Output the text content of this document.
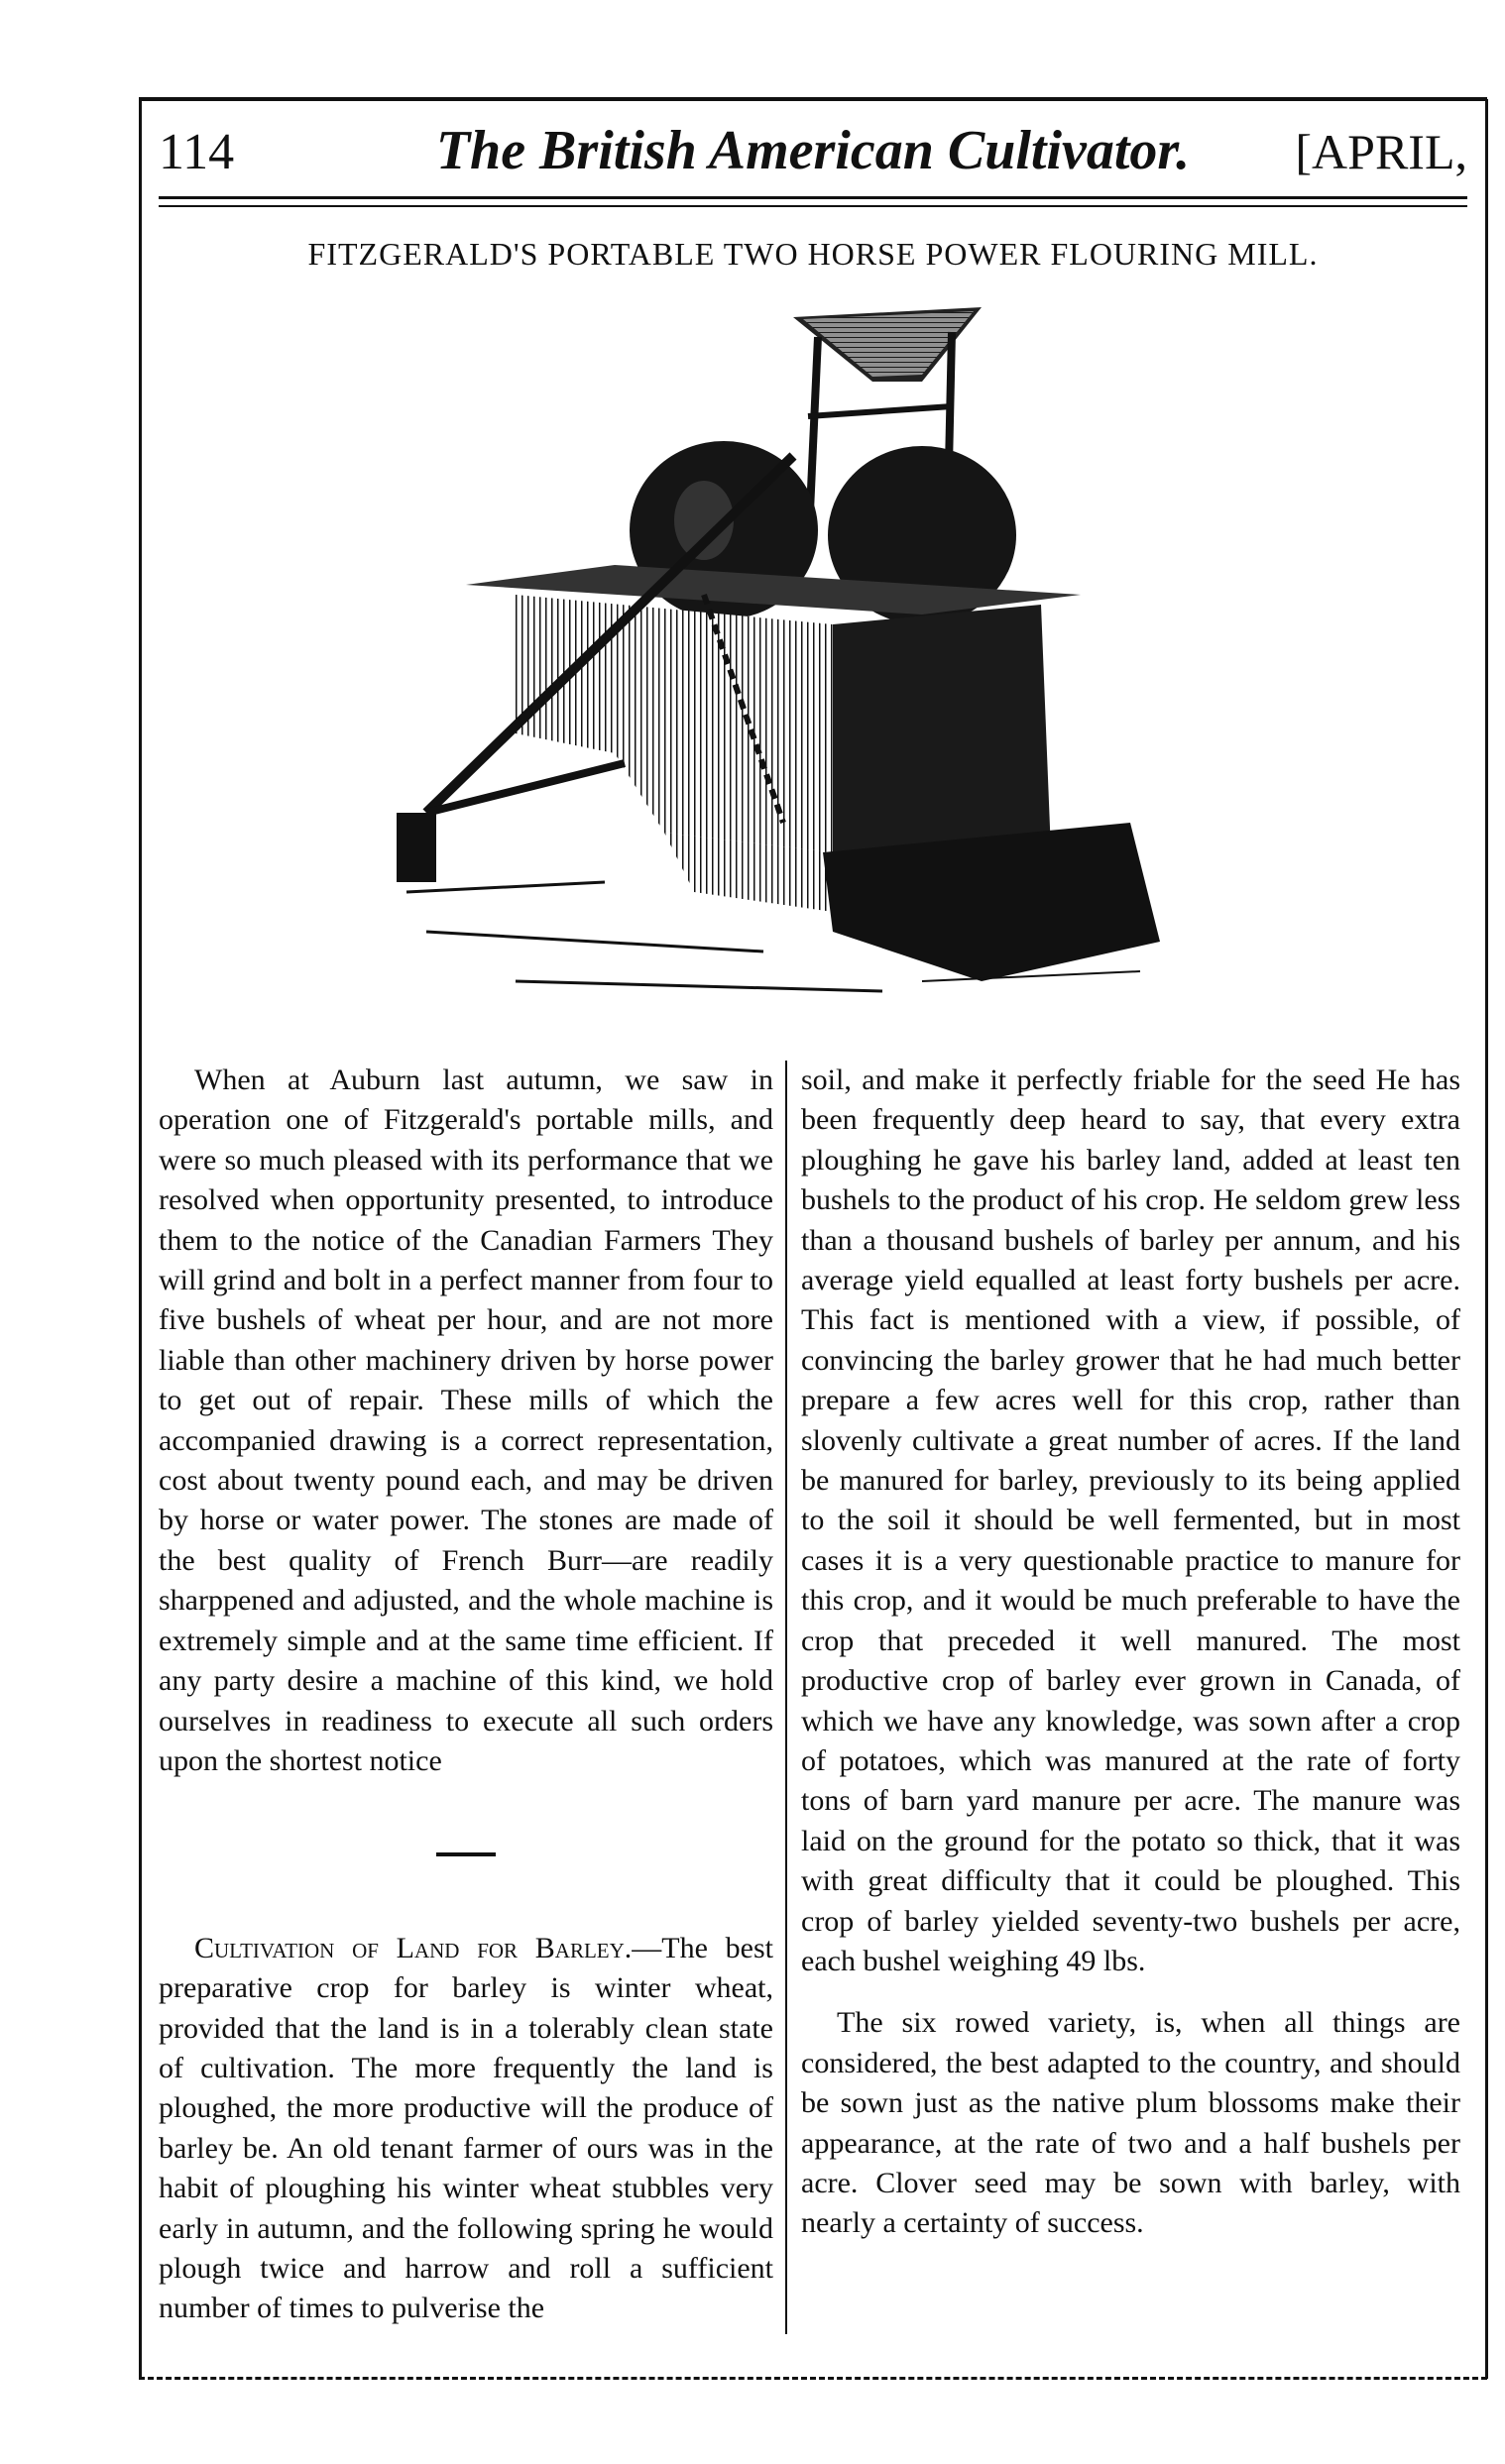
114	The British American Cultivator.	[APRIL,
FITZGERALD'S PORTABLE TWO HORSE POWER FLOURING MILL.

When at Auburn last autumn, we saw in operation one of Fitzgerald's portable mills, and were so much pleased with its performance that we resolved when opportunity presented, to introduce them to the notice of the Canadian Farmers They will grind and bolt in a perfect manner from four to five bushels of wheat per hour, and are not more liable than other machinery driven by horse power to get out of repair. These mills of which the accompanied drawing is a correct representation, cost about twenty pound each, and may be driven by horse or water power. The stones are made of the best quality of French Burr—are readily sharppened and adjusted, and the whole machine is extremely simple and at the same time efficient. If any party desire a machine of this kind, we hold ourselves in readiness to execute all such orders upon the shortest notice

Cultivation of Land for Barley.—The best preparative crop for barley is winter wheat, provided that the land is in a tolerably clean state of cultivation. The more frequently the land is ploughed, the more productive will the produce of barley be. An old tenant farmer of ours was in the habit of ploughing his winter wheat stubbles very early in autumn, and the following spring he would plough twice and harrow and roll a sufficient number of times to pulverise the

soil, and make it perfectly friable for the seed He has been frequently deep heard to say, that every extra ploughing he gave his barley land, added at least ten bushels to the product of his crop. He seldom grew less than a thousand bushels of barley per annum, and his average yield equalled at least forty bushels per acre. This fact is mentioned with a view, if possible, of convincing the barley grower that he had much better prepare a few acres well for this crop, rather than slovenly cultivate a great number of acres. If the land be manured for barley, previously to its being applied to the soil it should be well fermented, but in most cases it is a very questionable practice to manure for this crop, and it would be much preferable to have the crop that preceded it well manured. The most productive crop of barley ever grown in Canada, of which we have any knowledge, was sown after a crop of potatoes, which was manured at the rate of forty tons of barn yard manure per acre. The manure was laid on the ground for the potato so thick, that it was with great difficulty that it could be ploughed. This crop of barley yielded seventy-two bushels per acre, each bushel weighing 49 lbs.

The six rowed variety, is, when all things are considered, the best adapted to the country, and should be sown just as the native plum blossoms make their appearance, at the rate of two and a half bushels per acre. Clover seed may be sown with barley, with nearly a certainty of success.
